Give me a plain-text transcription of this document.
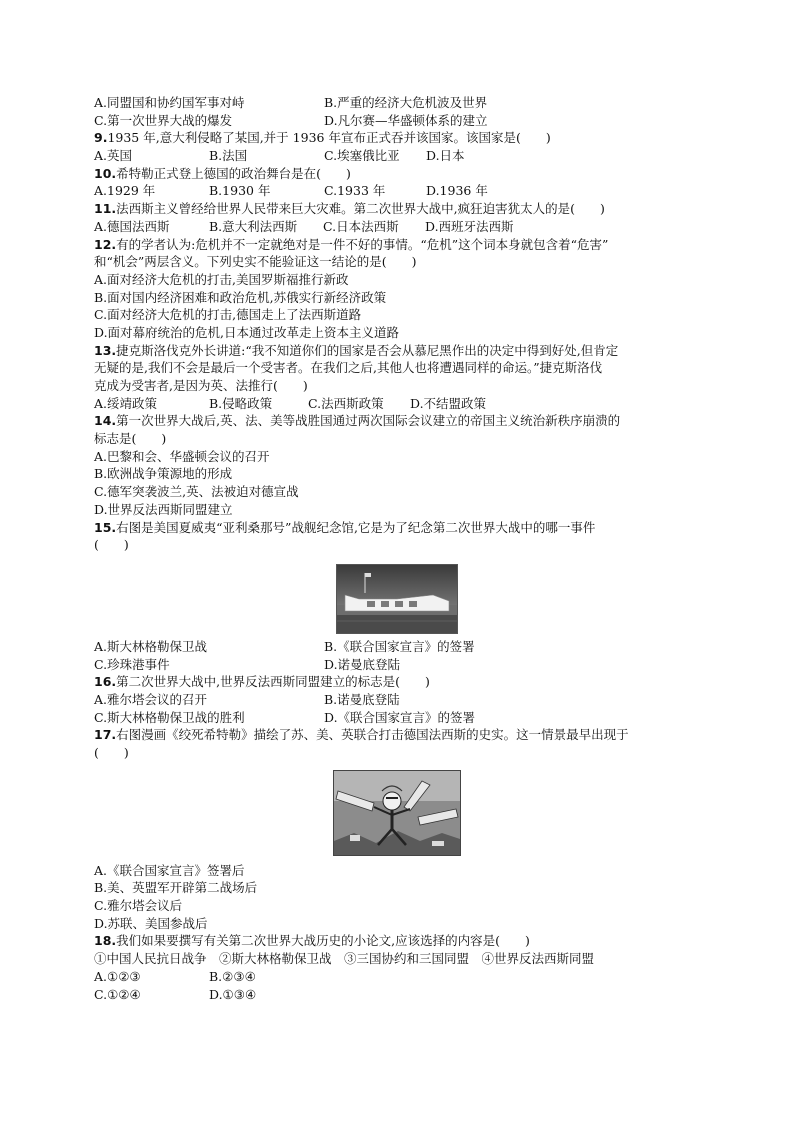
A.同盟国和协约国军事对峙	B.严重的经济大危机波及世界
C.第一次世界大战的爆发	D.凡尔赛—华盛顿体系的建立
9.1935 年,意大利侵略了某国,并于 1936 年宣布正式吞并该国家。该国家是(　　)
A.英国	B.法国	C.埃塞俄比亚	D.日本
10.希特勒正式登上德国的政治舞台是在(　　)
A.1929 年	B.1930 年	C.1933 年	D.1936 年
11.法西斯主义曾经给世界人民带来巨大灾难。第二次世界大战中,疯狂迫害犹太人的是(　　)
A.德国法西斯	B.意大利法西斯	C.日本法西斯	D.西班牙法西斯
12.有的学者认为:危机并不一定就绝对是一件不好的事情。“危机”这个词本身就包含着“危害”
和“机会”两层含义。下列史实不能验证这一结论的是(　　)
A.面对经济大危机的打击,美国罗斯福推行新政
B.面对国内经济困难和政治危机,苏俄实行新经济政策
C.面对经济大危机的打击,德国走上了法西斯道路
D.面对幕府统治的危机,日本通过改革走上资本主义道路
13.捷克斯洛伐克外长讲道:“我不知道你们的国家是否会从慕尼黑作出的决定中得到好处,但肯定
无疑的是,我们不会是最后一个受害者。在我们之后,其他人也将遭遇同样的命运。”捷克斯洛伐
克成为受害者,是因为英、法推行(　　)
A.绥靖政策	B.侵略政策	C.法西斯政策	D.不结盟政策
14.第一次世界大战后,英、法、美等战胜国通过两次国际会议建立的帝国主义统治新秩序崩溃的
标志是(　　)
A.巴黎和会、华盛顿会议的召开
B.欧洲战争策源地的形成
C.德军突袭波兰,英、法被迫对德宣战
D.世界反法西斯同盟建立
15.右图是美国夏威夷“亚利桑那号”战舰纪念馆,它是为了纪念第二次世界大战中的哪一事件
(　　)
A.斯大林格勒保卫战	B.《联合国家宣言》的签署
C.珍珠港事件	D.诺曼底登陆
16.第二次世界大战中,世界反法西斯同盟建立的标志是(　　)
A.雅尔塔会议的召开	B.诺曼底登陆
C.斯大林格勒保卫战的胜利	D.《联合国家宣言》的签署
17.右图漫画《绞死希特勒》描绘了苏、美、英联合打击德国法西斯的史实。这一情景最早出现于
(　　)
A.《联合国家宣言》签署后
B.美、英盟军开辟第二战场后
C.雅尔塔会议后
D.苏联、美国参战后
18.我们如果要撰写有关第二次世界大战历史的小论文,应该选择的内容是(　　)
①中国人民抗日战争　②斯大林格勒保卫战　③三国协约和三国同盟　④世界反法西斯同盟
A.①②③	B.②③④
C.①②④	D.①③④
